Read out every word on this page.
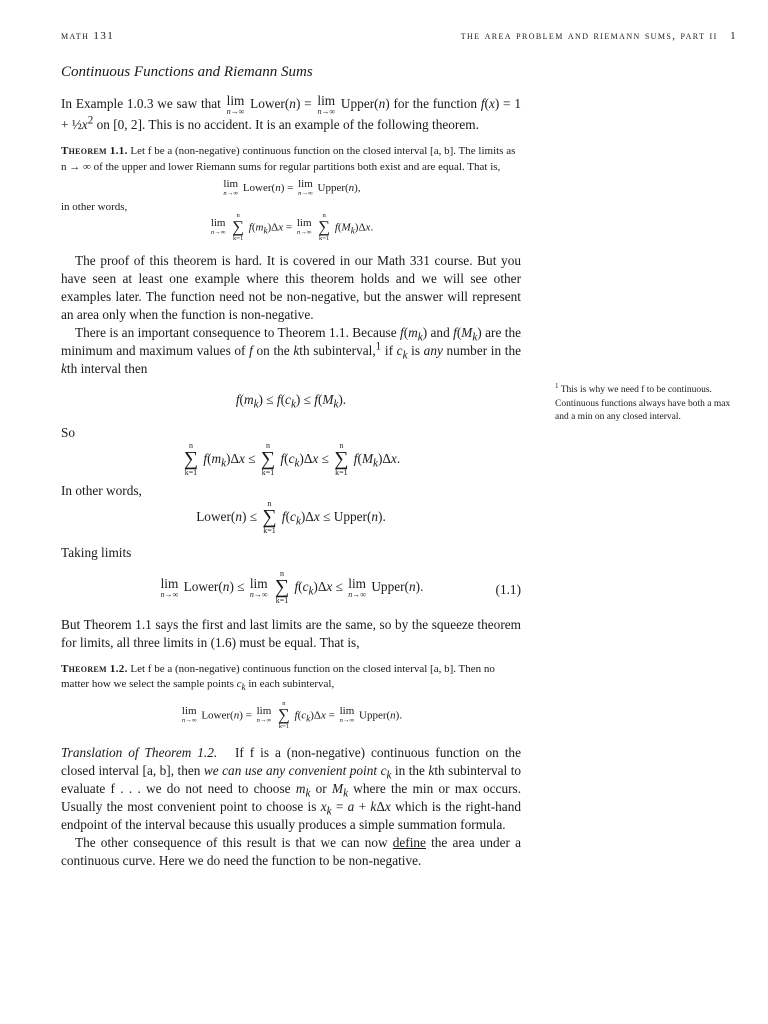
math 131	the area problem and riemann sums, part ii 1
Continuous Functions and Riemann Sums

In Example 1.0.3 we saw that lim
n→∞
Lower(n) = lim
n→∞
Upper(n) for the function $f(x) = 1 + \frac{1}{2}x^2$ on [0, 2]. This is no accident. It is an example of the following theorem.

Theorem 1.1. Let f be a (non-negative) continuous function on the closed interval [a, b]. The limits as n → ∞ of the upper and lower Riemann sums for regular partitions both exist and are equal. That is,
lim
n→∞ Lower(n) = lim
n→∞ Upper(n),
in other words,
lim
n→∞

n
∑
k=1
$f(m_k)\Delta x = \lim$
n→∞

n
∑
k=1
$f(M_k)\Delta x$.

The proof of this theorem is hard. It is covered in our Math 331 course. But you have seen at least one example where this theorem holds and we will see other examples later. The function need not be non-negative, but the answer will represent an area only when the function is non-negative.

There is an important consequence to Theorem 1.1. Because $f(m_k)$ and $f(M_k)$ are the minimum and maximum values of f on the kth subinterval,$^1$ if $c_k$ is any number in the kth interval then

$f(m_k) \le f(c_k) \le f(M_k)$.

So

n
∑
k=1
$f(m_k)\Delta x$ ≤
n
∑
k=1
$f(c_k)\Delta x$ ≤
n
∑
k=1
$f(M_k)\Delta x$.

In other words,

Lower(n) ≤
n
∑
k=1
$f(c_k)\Delta x$ ≤ Upper(n).

Taking limits

lim
n→∞
Lower(n) ≤ lim
n→∞

n
∑
k=1
$f(c_k)\Delta x \le \lim$
n→∞
Upper(n).	(1.1)

But Theorem 1.1 says the first and last limits are the same, so by the squeeze theorem for limits, all three limits in (1.6) must be equal. That is,

Theorem 1.2. Let f be a (non-negative) continuous function on the closed interval [a, b]. Then no matter how we select the sample points $c_k$ in each subinterval,
lim
n→∞ Lower(n) = lim
n→∞

n
∑
k=1
$f(c_k)\Delta x = \lim$
n→∞ Upper(n).

Translation of Theorem 1.2. If f is a (non-negative) continuous function on the closed interval [a, b], then we can use any convenient point $c_k$ in the kth subinterval to evaluate f . . . we do not need to choose $m_k$ or $M_k$ where the min or max occurs. Usually the most convenient point to choose is $x_k = a + k\Delta x$ which is the right-hand endpoint of the interval because this usually produces a simple summation formula.

The other consequence of this result is that we can now define the area under a continuous curve. Here we do need the function to be non-negative.

$^1$ This is why we need f to be continuous. Continuous functions always have both a max and a min on any closed interval.
